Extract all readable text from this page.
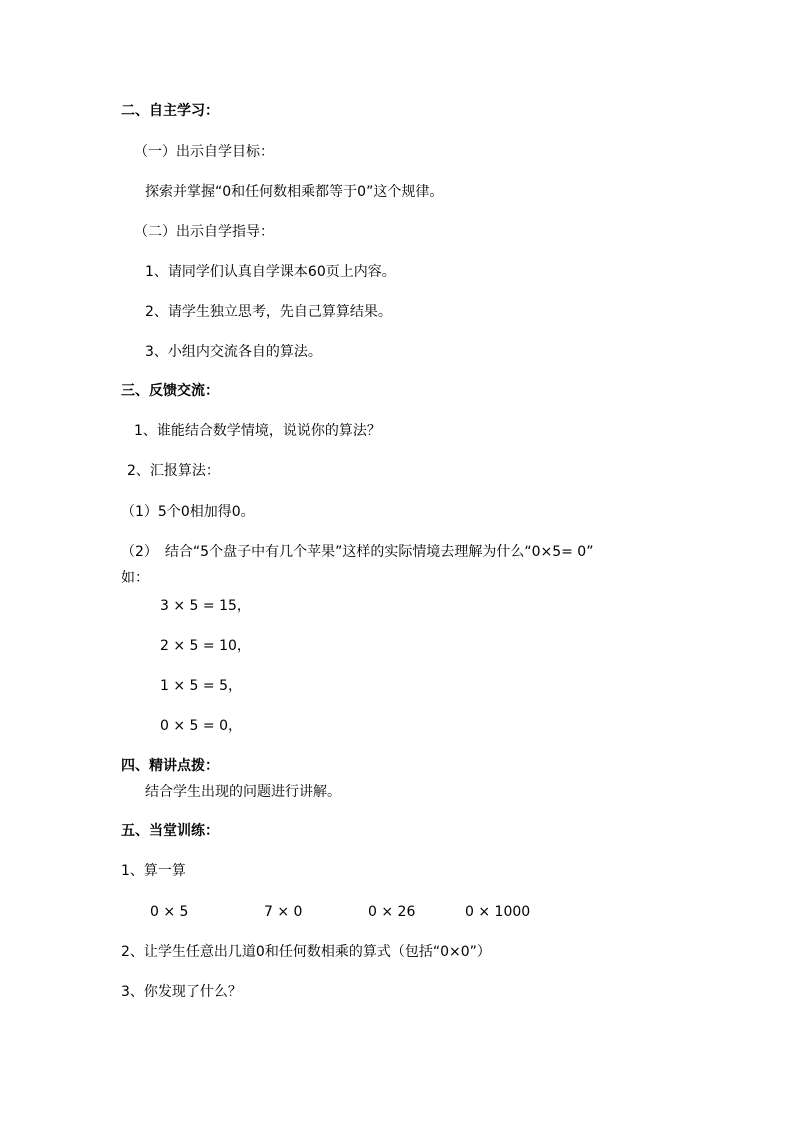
二、自主学习：
（一）出示自学目标：
探索并掌握“0和任何数相乘都等于0”这个规律。
（二）出示自学指导：
1、请同学们认真自学课本60页上内容。
2、请学生独立思考，先自己算算结果。
3、小组内交流各自的算法。
三、反馈交流：
1、谁能结合数学情境，说说你的算法？
2、汇报算法：
（1）5个0相加得0。
（2）　结合“5个盘子中有几个苹果”这样的实际情境去理解为什么“0×5= 0”
如：
3 × 5 = 15，
2 × 5 = 10，
1 × 5 = 5，
0 × 5 = 0，
四、精讲点拨：
结合学生出现的问题进行讲解。
五、当堂训练：
1、算一算
0 × 5	7 × 0	0 × 26	0 × 1000
2、让学生任意出几道0和任何数相乘的算式（包括“0×0”）
3、你发现了什么？
